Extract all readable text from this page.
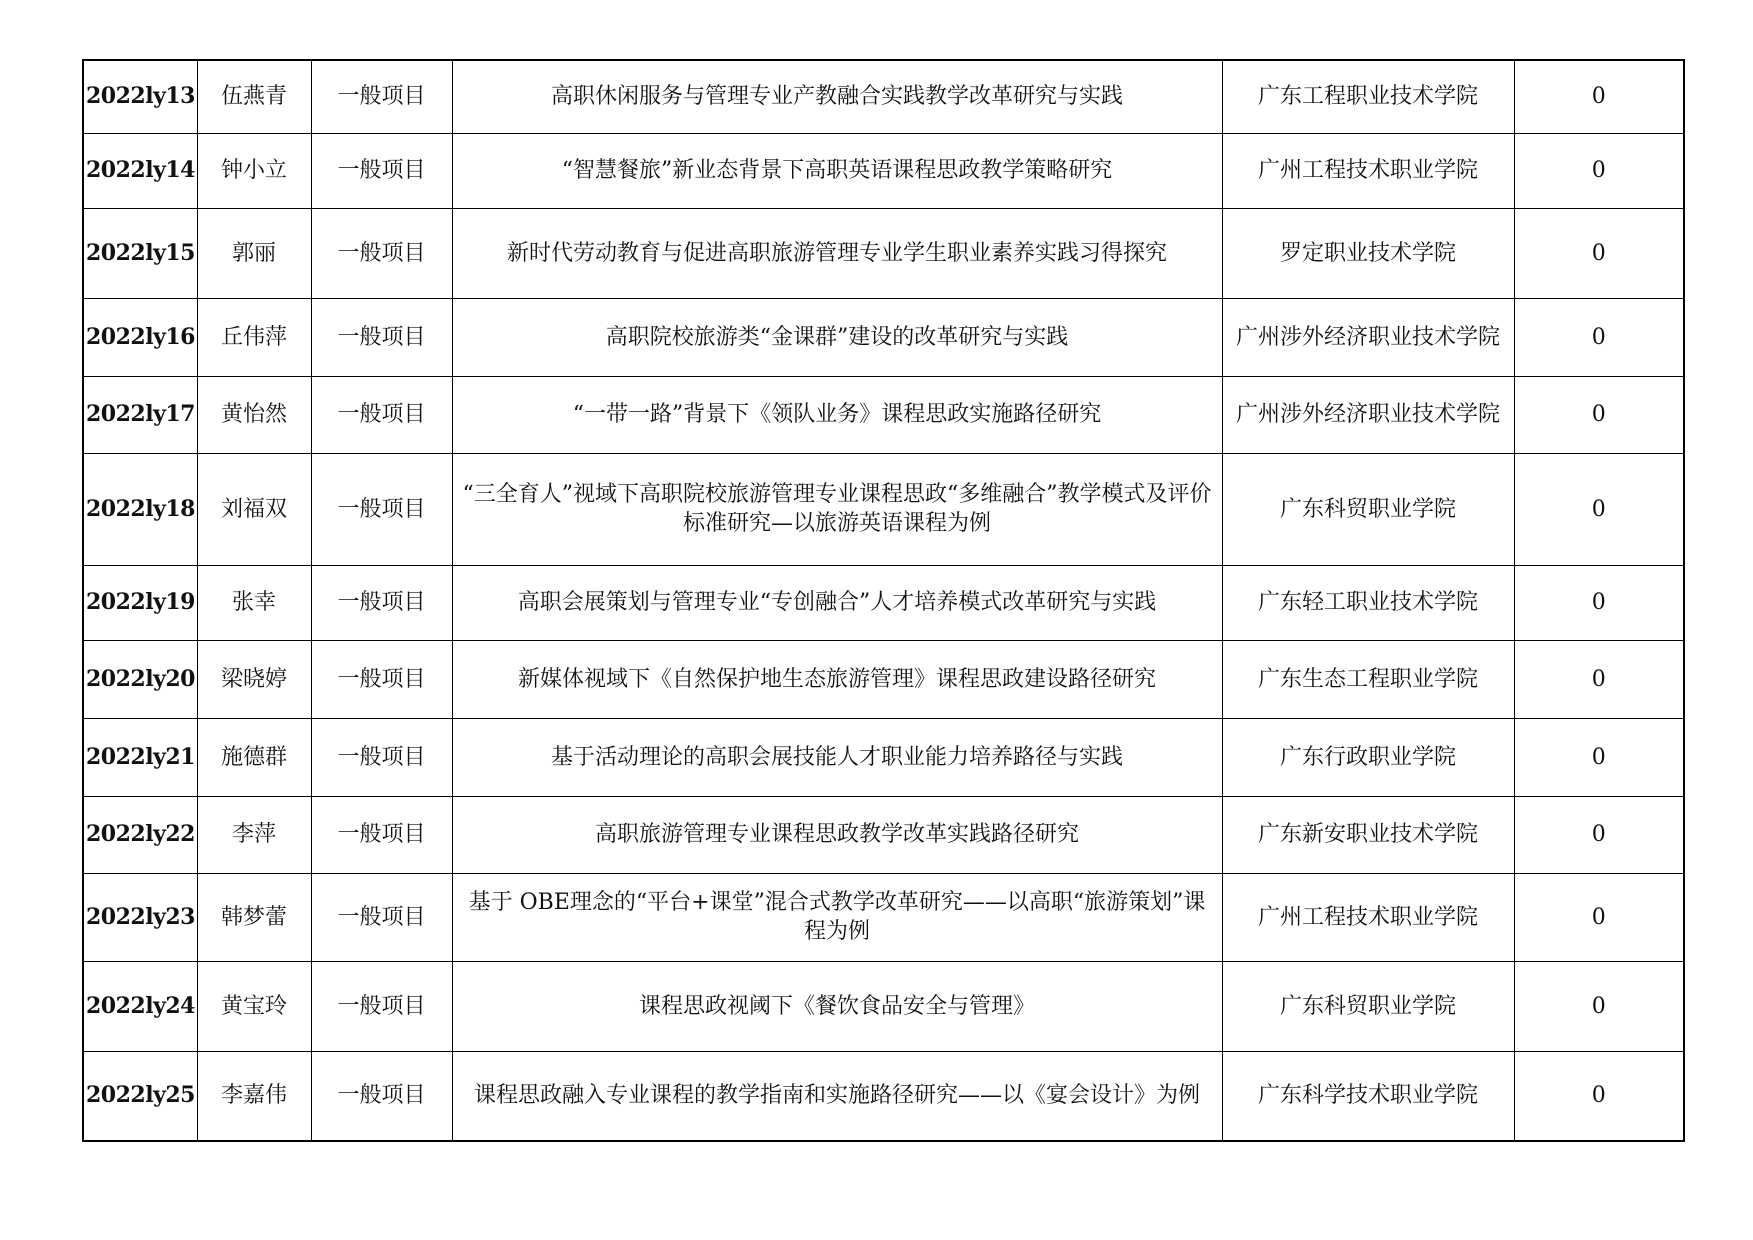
2022ly13	伍燕青	一般项目	高职休闲服务与管理专业产教融合实践教学改革研究与实践	广东工程职业技术学院	0
2022ly14	钟小立	一般项目	“智慧餐旅”新业态背景下高职英语课程思政教学策略研究	广州工程技术职业学院	0
2022ly15	郭丽	一般项目	新时代劳动教育与促进高职旅游管理专业学生职业素养实践习得探究	罗定职业技术学院	0
2022ly16	丘伟萍	一般项目	高职院校旅游类“金课群”建设的改革研究与实践	广州涉外经济职业技术学院	0
2022ly17	黄怡然	一般项目	“一带一路”背景下《领队业务》课程思政实施路径研究	广州涉外经济职业技术学院	0
2022ly18	刘福双	一般项目	“三全育人”视域下高职院校旅游管理专业课程思政“多维融合”教学模式及评价标准研究—以旅游英语课程为例	广东科贸职业学院	0
2022ly19	张幸	一般项目	高职会展策划与管理专业“专创融合”人才培养模式改革研究与实践	广东轻工职业技术学院	0
2022ly20	梁晓婷	一般项目	新媒体视域下《自然保护地生态旅游管理》课程思政建设路径研究	广东生态工程职业学院	0
2022ly21	施德群	一般项目	基于活动理论的高职会展技能人才职业能力培养路径与实践	广东行政职业学院	0
2022ly22	李萍	一般项目	高职旅游管理专业课程思政教学改革实践路径研究	广东新安职业技术学院	0
2022ly23	韩梦蕾	一般项目	基于 OBE理念的“平台+课堂”混合式教学改革研究——以高职“旅游策划”课程为例	广州工程技术职业学院	0
2022ly24	黄宝玲	一般项目	课程思政视阈下《餐饮食品安全与管理》	广东科贸职业学院	0
2022ly25	李嘉伟	一般项目	课程思政融入专业课程的教学指南和实施路径研究——以《宴会设计》为例	广东科学技术职业学院	0
